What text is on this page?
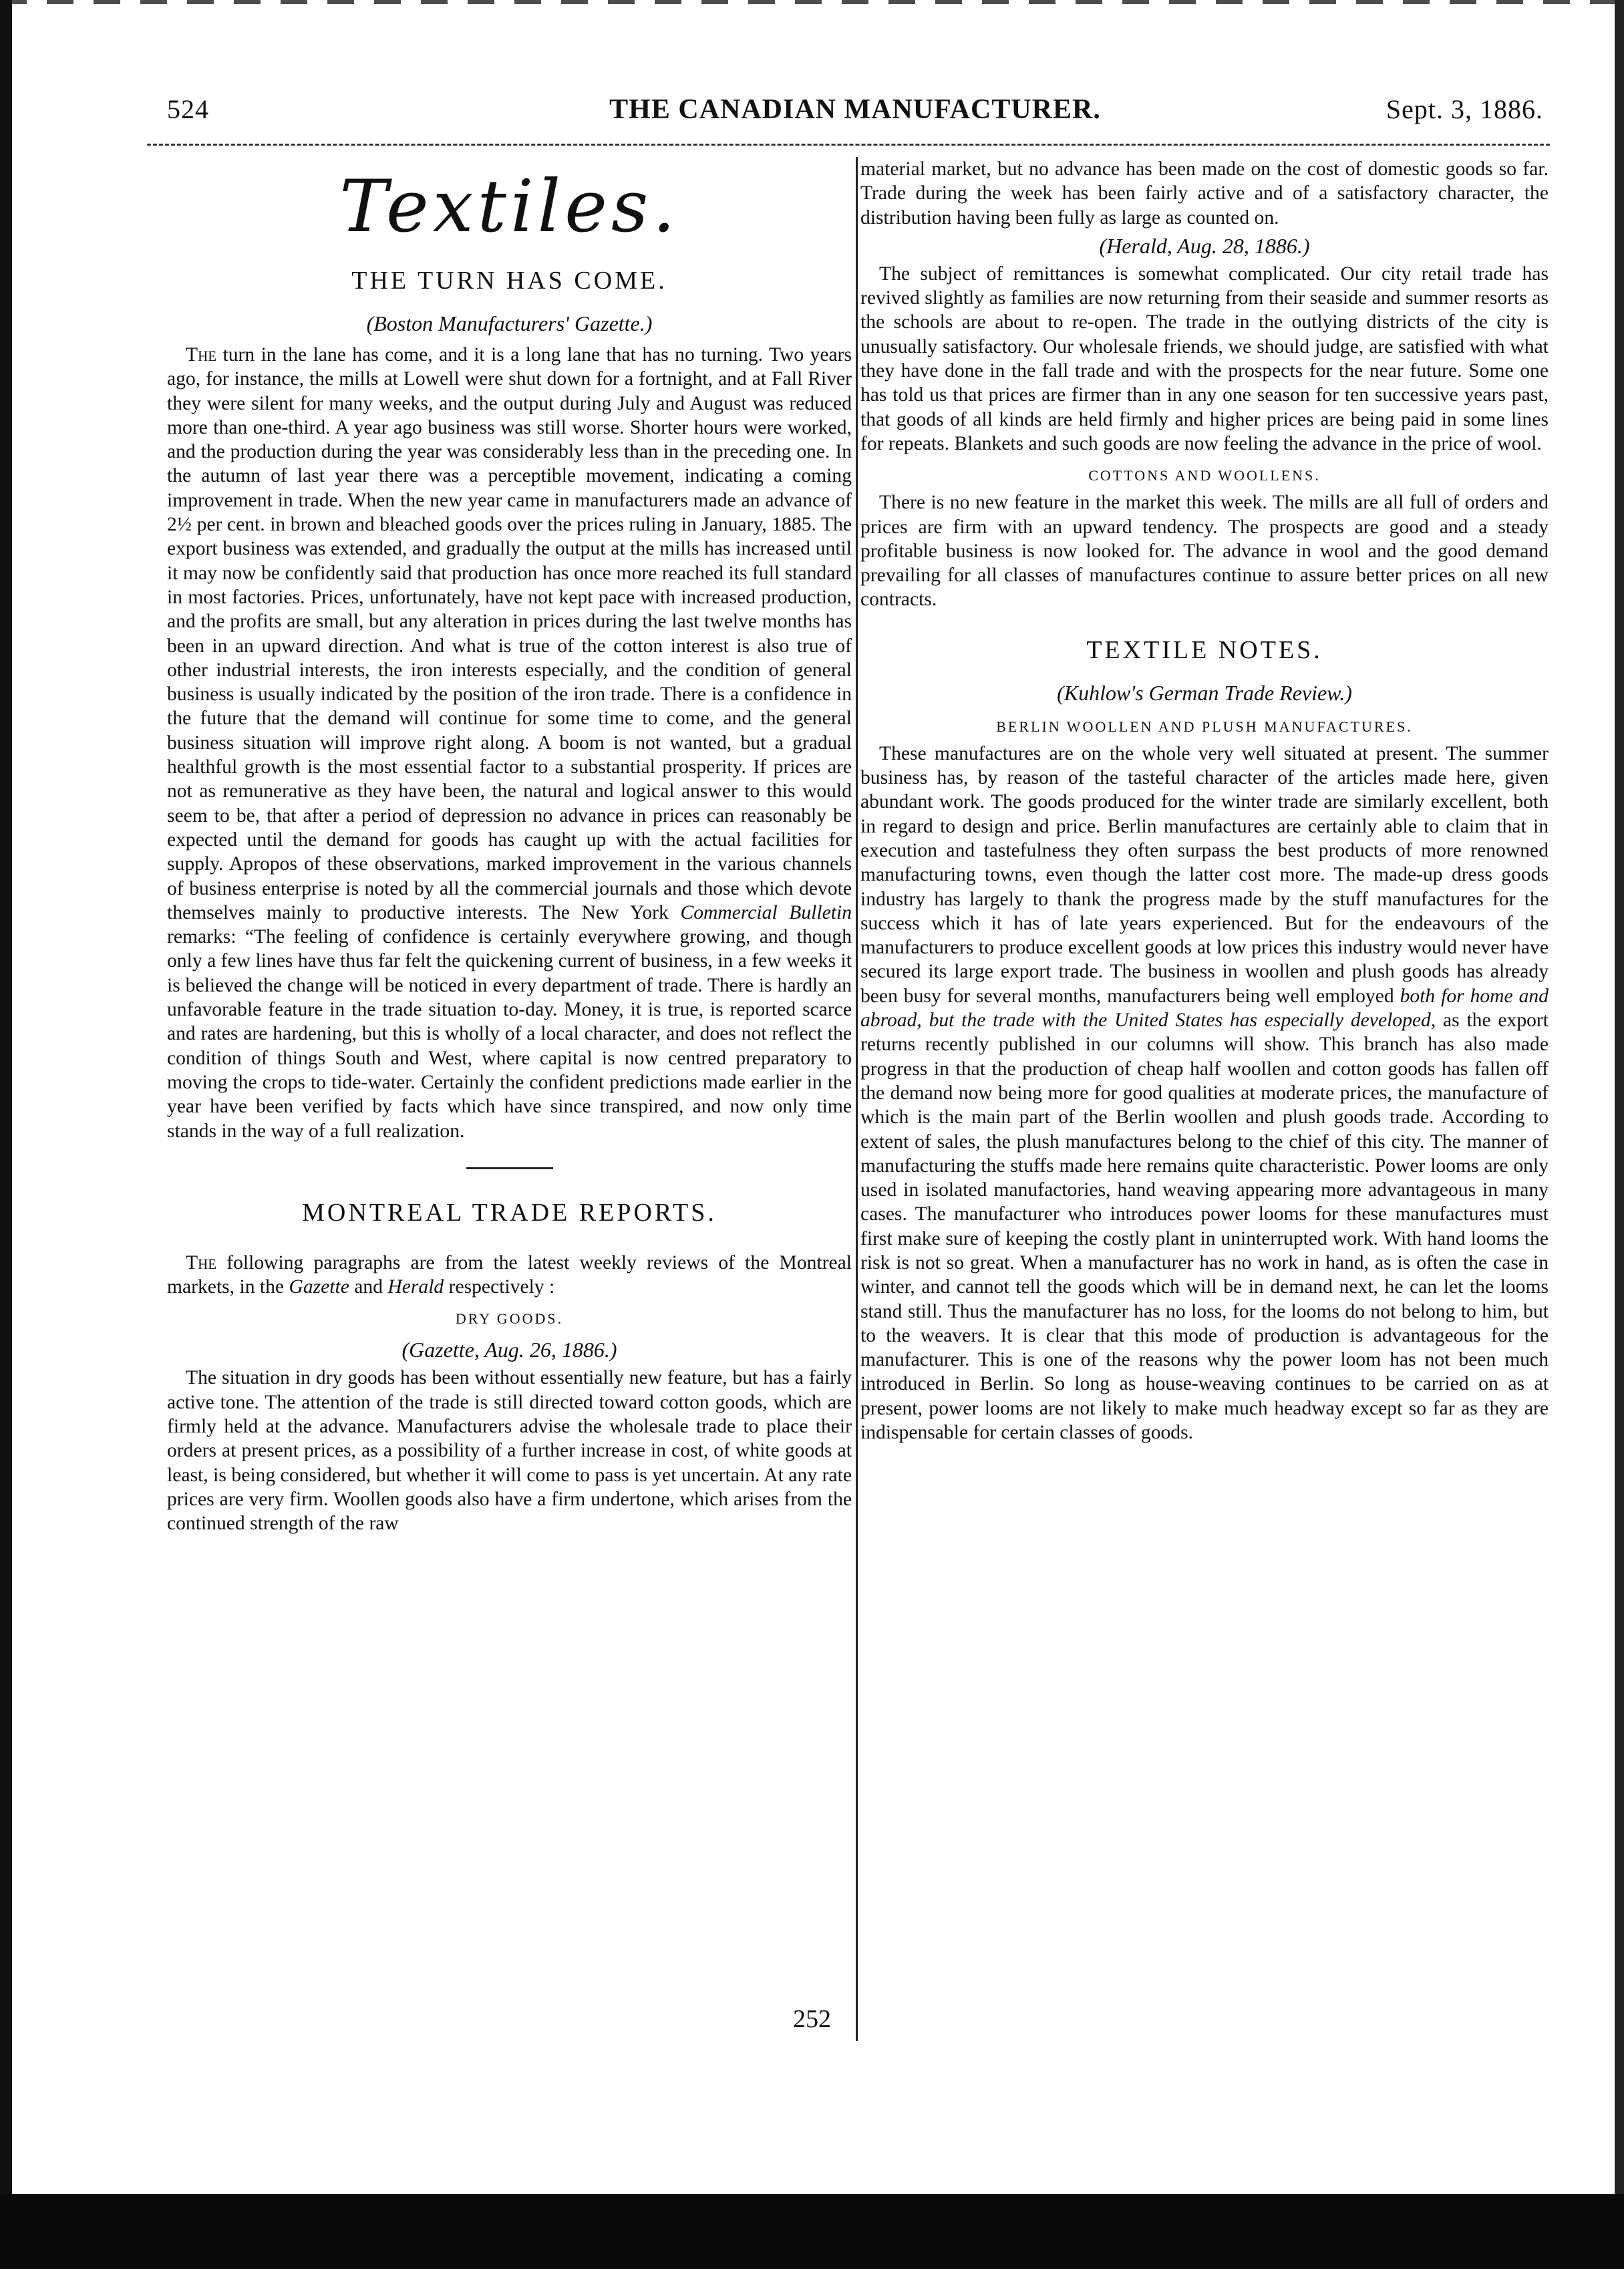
524	THE CANADIAN MANUFACTURER.	Sept. 3, 1886.

Textiles.

THE TURN HAS COME.

(Boston Manufacturers' Gazette.)

The turn in the lane has come, and it is a long lane that has no turning. Two years ago, for instance, the mills at Lowell were shut down for a fortnight, and at Fall River they were silent for many weeks, and the output during July and August was reduced more than one-third. A year ago business was still worse. Shorter hours were worked, and the production during the year was considerably less than in the preceding one. In the autumn of last year there was a perceptible movement, indicating a coming improvement in trade. When the new year came in manufacturers made an advance of 2½ per cent. in brown and bleached goods over the prices ruling in January, 1885. The export business was extended, and gradually the output at the mills has increased until it may now be confidently said that production has once more reached its full standard in most factories. Prices, unfortunately, have not kept pace with increased production, and the profits are small, but any alteration in prices during the last twelve months has been in an upward direction. And what is true of the cotton interest is also true of other industrial interests, the iron interests especially, and the condition of general business is usually indicated by the position of the iron trade. There is a confidence in the future that the demand will continue for some time to come, and the general business situation will improve right along. A boom is not wanted, but a gradual healthful growth is the most essential factor to a substantial prosperity. If prices are not as remunerative as they have been, the natural and logical answer to this would seem to be, that after a period of depression no advance in prices can reasonably be expected until the demand for goods has caught up with the actual facilities for supply. Apropos of these observations, marked improvement in the various channels of business enterprise is noted by all the commercial journals and those which devote themselves mainly to productive interests. The New York Commercial Bulletin remarks: “The feeling of confidence is certainly everywhere growing, and though only a few lines have thus far felt the quickening current of business, in a few weeks it is believed the change will be noticed in every department of trade. There is hardly an unfavorable feature in the trade situation to-day. Money, it is true, is reported scarce and rates are hardening, but this is wholly of a local character, and does not reflect the condition of things South and West, where capital is now centred preparatory to moving the crops to tide-water. Certainly the confident predictions made earlier in the year have been verified by facts which have since transpired, and now only time stands in the way of a full realization.

MONTREAL TRADE REPORTS.

The following paragraphs are from the latest weekly reviews of the Montreal markets, in the Gazette and Herald respectively :

DRY GOODS.

(Gazette, Aug. 26, 1886.)

The situation in dry goods has been without essentially new feature, but has a fairly active tone. The attention of the trade is still directed toward cotton goods, which are firmly held at the advance. Manufacturers advise the wholesale trade to place their orders at present prices, as a possibility of a further increase in cost, of white goods at least, is being considered, but whether it will come to pass is yet uncertain. At any rate prices are very firm. Woollen goods also have a firm undertone, which arises from the continued strength of the raw

material market, but no advance has been made on the cost of domestic goods so far. Trade during the week has been fairly active and of a satisfactory character, the distribution having been fully as large as counted on.

(Herald, Aug. 28, 1886.)

The subject of remittances is somewhat complicated. Our city retail trade has revived slightly as families are now returning from their seaside and summer resorts as the schools are about to re-open. The trade in the outlying districts of the city is unusually satisfactory. Our wholesale friends, we should judge, are satisfied with what they have done in the fall trade and with the prospects for the near future. Some one has told us that prices are firmer than in any one season for ten successive years past, that goods of all kinds are held firmly and higher prices are being paid in some lines for repeats. Blankets and such goods are now feeling the advance in the price of wool.

COTTONS AND WOOLLENS.

There is no new feature in the market this week. The mills are all full of orders and prices are firm with an upward tendency. The prospects are good and a steady profitable business is now looked for. The advance in wool and the good demand prevailing for all classes of manufactures continue to assure better prices on all new contracts.

TEXTILE NOTES.

(Kuhlow's German Trade Review.)

BERLIN WOOLLEN AND PLUSH MANUFACTURES.

These manufactures are on the whole very well situated at present. The summer business has, by reason of the tasteful character of the articles made here, given abundant work. The goods produced for the winter trade are similarly excellent, both in regard to design and price. Berlin manufactures are certainly able to claim that in execution and tastefulness they often surpass the best products of more renowned manufacturing towns, even though the latter cost more. The made-up dress goods industry has largely to thank the progress made by the stuff manufactures for the success which it has of late years experienced. But for the endeavours of the manufacturers to produce excellent goods at low prices this industry would never have secured its large export trade. The business in woollen and plush goods has already been busy for several months, manufacturers being well employed both for home and abroad, but the trade with the United States has especially developed, as the export returns recently published in our columns will show. This branch has also made progress in that the production of cheap half woollen and cotton goods has fallen off the demand now being more for good qualities at moderate prices, the manufacture of which is the main part of the Berlin woollen and plush goods trade. According to extent of sales, the plush manufactures belong to the chief of this city. The manner of manufacturing the stuffs made here remains quite characteristic. Power looms are only used in isolated manufactories, hand weaving appearing more advantageous in many cases. The manufacturer who introduces power looms for these manufactures must first make sure of keeping the costly plant in uninterrupted work. With hand looms the risk is not so great. When a manufacturer has no work in hand, as is often the case in winter, and cannot tell the goods which will be in demand next, he can let the looms stand still. Thus the manufacturer has no loss, for the looms do not belong to him, but to the weavers. It is clear that this mode of production is advantageous for the manufacturer. This is one of the reasons why the power loom has not been much introduced in Berlin. So long as house-weaving continues to be carried on as at present, power looms are not likely to make much headway except so far as they are indispensable for certain classes of goods.

252
